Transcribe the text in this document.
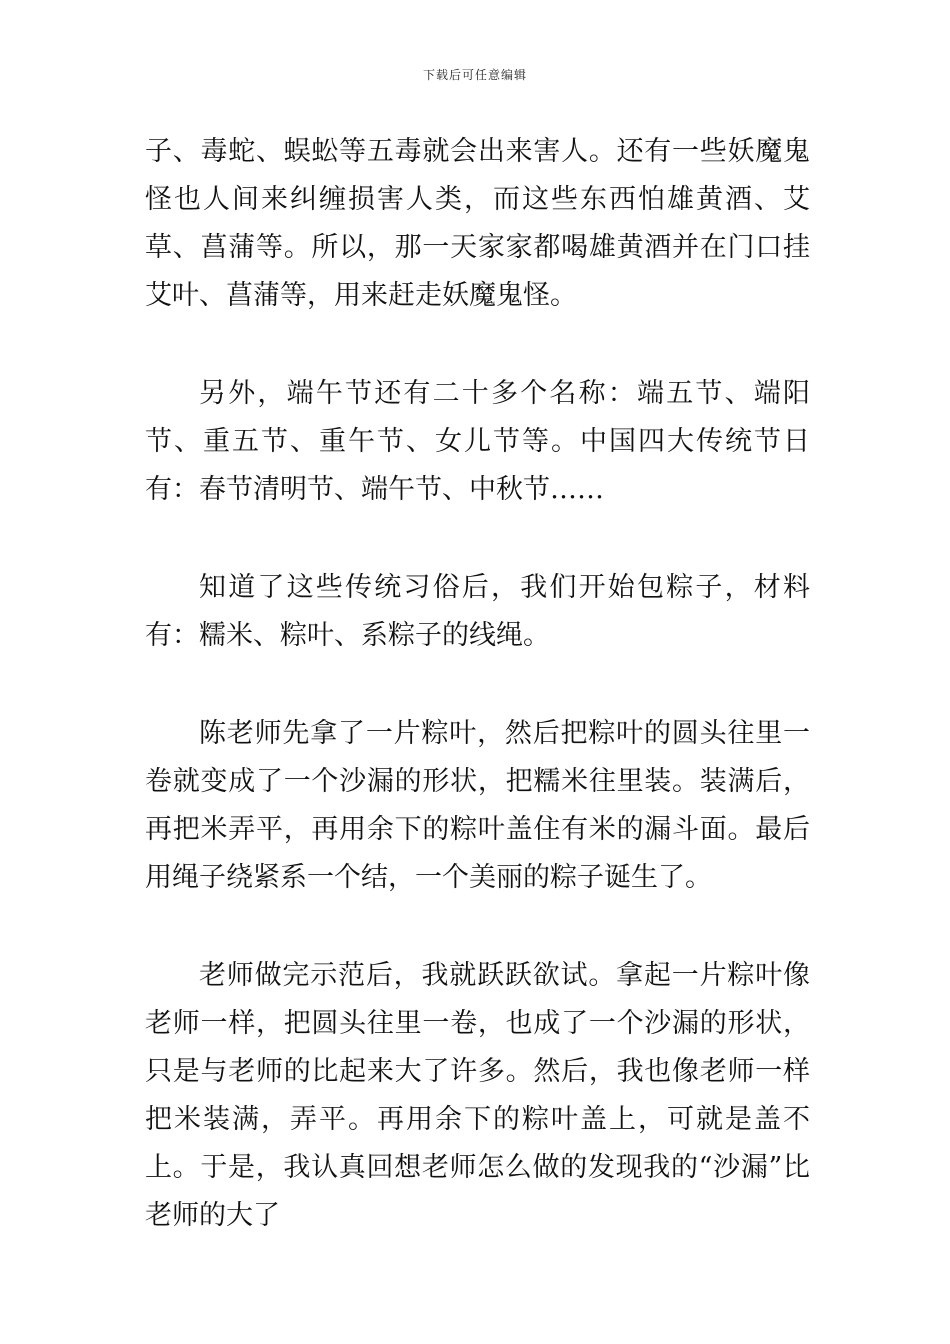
下载后可任意编辑

子、毒蛇、蜈蚣等五毒就会出来害人。还有一些妖魔鬼怪也人间来纠缠损害人类，而这些东西怕雄黄酒、艾草、菖蒲等。所以，那一天家家都喝雄黄酒并在门口挂艾叶、菖蒲等，用来赶走妖魔鬼怪。

另外，端午节还有二十多个名称：端五节、端阳节、重五节、重午节、女儿节等。中国四大传统节日有：春节清明节、端午节、中秋节……

知道了这些传统习俗后，我们开始包粽子，材料有：糯米、粽叶、系粽子的线绳。

陈老师先拿了一片粽叶，然后把粽叶的圆头往里一卷就变成了一个沙漏的形状，把糯米往里装。装满后，再把米弄平，再用余下的粽叶盖住有米的漏斗面。最后用绳子绕紧系一个结，一个美丽的粽子诞生了。

老师做完示范后，我就跃跃欲试。拿起一片粽叶像老师一样，把圆头往里一卷，也成了一个沙漏的形状，只是与老师的比起来大了许多。然后，我也像老师一样把米装满，弄平。再用余下的粽叶盖上，可就是盖不上。于是，我认真回想老师怎么做的发现我的“沙漏”比老师的大了
